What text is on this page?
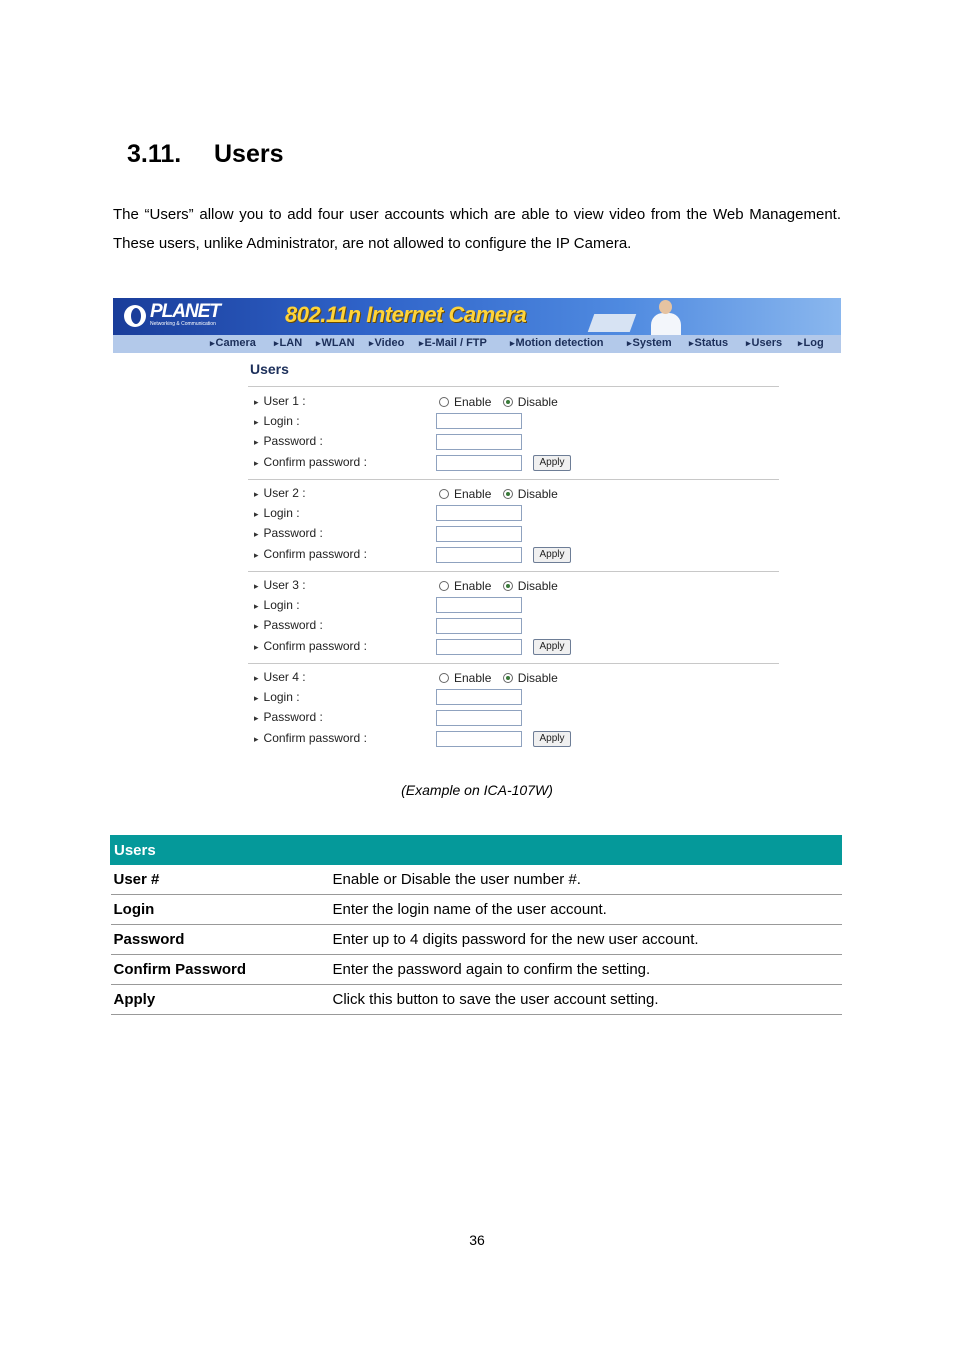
3.11. Users

The “Users” allow you to add four user accounts which are able to view video from the Web Management. These users, unlike Administrator, are not allowed to configure the IP Camera.

PLANET
Networking & Communication	802.11n Internet Camera
▸ Camera	▸ LAN	▸ WLAN	▸ Video	▸ E-Mail / FTP	▸ Motion detection	▸ System	▸ Status	▸ Users	▸ Log
Users
▸ User 1 :	Enable Disable
▸ Login :
▸ Password :
▸ Confirm password :	Apply
▸ User 2 :	Enable Disable
▸ Login :
▸ Password :
▸ Confirm password :	Apply
▸ User 3 :	Enable Disable
▸ Login :
▸ Password :
▸ Confirm password :	Apply
▸ User 4 :	Enable Disable
▸ Login :
▸ Password :
▸ Confirm password :	Apply
(Example on ICA-107W)
Users	
User #	Enable or Disable the user number #.
Login	Enter the login name of the user account.
Password	Enter up to 4 digits password for the new user account.
Confirm Password	Enter the password again to confirm the setting.
Apply	Click this button to save the user account setting.
36
